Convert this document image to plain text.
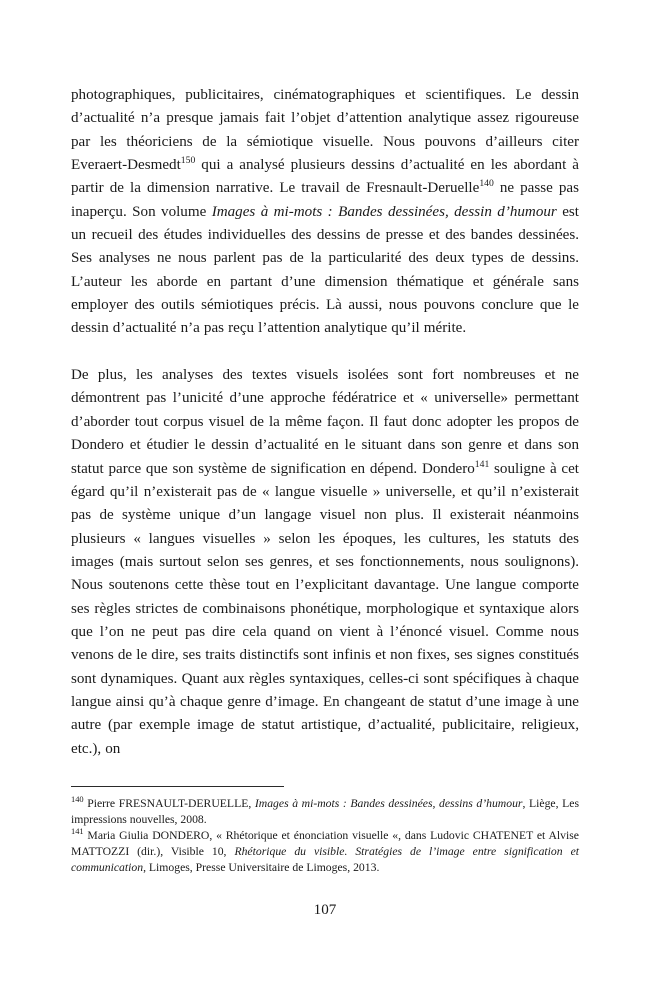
photographiques, publicitaires, cinématographiques et scientifiques. Le dessin d’actualité n’a presque jamais fait l’objet d’attention analytique assez rigoureuse par les théoriciens de la sémiotique visuelle. Nous pouvons d’ailleurs citer Everaert-Desmedt$^{150}$ qui a analysé plusieurs dessins d’actualité en les abordant à partir de la dimension narrative. Le travail de Fresnault-Deruelle$^{140}$ ne passe pas inaperçu. Son volume Images à mi-mots : Bandes dessinées, dessin d’humour est un recueil des études individuelles des dessins de presse et des bandes dessinées. Ses analyses ne nous parlent pas de la particularité des deux types de dessins. L’auteur les aborde en partant d’une dimension thématique et générale sans employer des outils sémiotiques précis. Là aussi, nous pouvons conclure que le dessin d’actualité n’a pas reçu l’attention analytique qu’il mérite.

De plus, les analyses des textes visuels isolées sont fort nombreuses et ne démontrent pas l’unicité d’une approche fédératrice et « universelle» permettant d’aborder tout corpus visuel de la même façon. Il faut donc adopter les propos de Dondero et étudier le dessin d’actualité en le situant dans son genre et dans son statut parce que son système de signification en dépend. Dondero$^{141}$ souligne à cet égard qu’il n’existerait pas de « langue visuelle » universelle, et qu’il n’existerait pas de système unique d’un langage visuel non plus. Il existerait néanmoins plusieurs « langues visuelles » selon les époques, les cultures, les statuts des images (mais surtout selon ses genres, et ses fonctionnements, nous soulignons). Nous soutenons cette thèse tout en l’explicitant davantage. Une langue comporte ses règles strictes de combinaisons phonétique, morphologique et syntaxique alors que l’on ne peut pas dire cela quand on vient à l’énoncé visuel. Comme nous venons de le dire, ses traits distinctifs sont infinis et non fixes, ses signes constitués sont dynamiques. Quant aux règles syntaxiques, celles-ci sont spécifiques à chaque langue ainsi qu’à chaque genre d’image. En changeant de statut d’une image à une autre (par exemple image de statut artistique, d’actualité, publicitaire, religieux, etc.), on

$^{140}$ Pierre FRESNAULT-DERUELLE, Images à mi-mots : Bandes dessinées, dessins d’humour, Liège, Les impressions nouvelles, 2008.

$^{141}$ Maria Giulia DONDERO, « Rhétorique et énonciation visuelle «, dans Ludovic CHATENET et Alvise MATTOZZI (dir.), Visible 10, Rhétorique du visible. Stratégies de l’image entre signification et communication, Limoges, Presse Universitaire de Limoges, 2013.

107
